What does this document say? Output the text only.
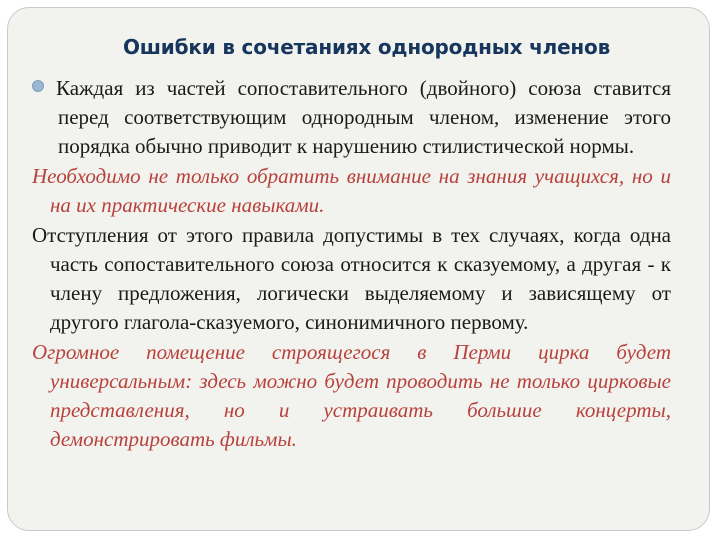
Ошибки в сочетаниях однородных членов

Каждая из частей сопоставительного (двойного) союза ставится перед соответствующим однородным членом, изменение этого порядка обычно приводит к нарушению стилистической нормы.

Необходимо не только обратить внимание на знания учащихся, но и на их практические навыками.

Отступления от этого правила допустимы в тех случаях, когда одна часть сопоставительного союза относится к сказуемому, а другая - к члену предложения, логически выделяемому и зависящему от другого глагола-сказуемого, синонимичного первому.

Огромное помещение строящегося в Перми цирка будет универсальным: здесь можно будет проводить не только цирковые представления, но и устраивать большие концерты, демонстрировать фильмы.
